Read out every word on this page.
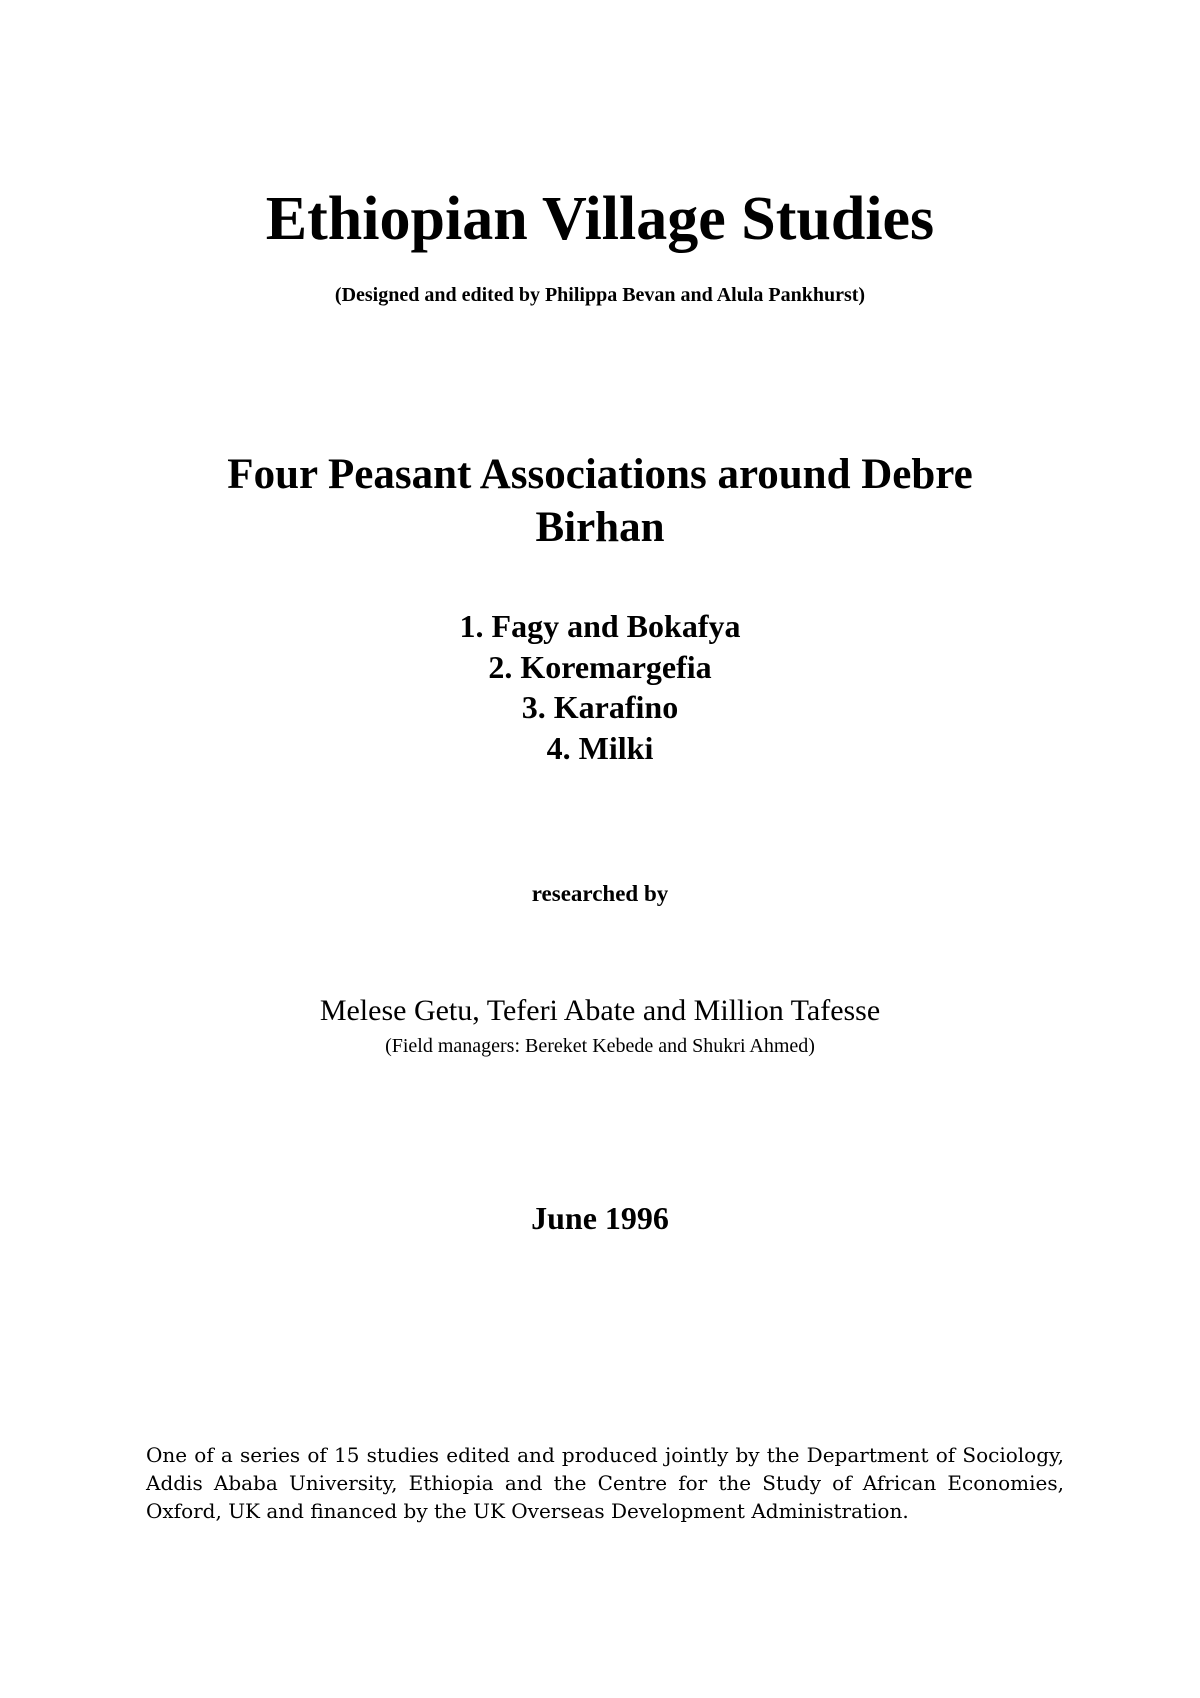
Ethiopian Village Studies
(Designed and edited by Philippa Bevan and Alula Pankhurst)
Four Peasant Associations around Debre Birhan
1. Fagy and Bokafya
2. Koremargefia
3. Karafino
4. Milki
researched by
Melese Getu, Teferi Abate and Million Tafesse
(Field managers: Bereket Kebede and Shukri Ahmed)
June 1996
One of a series of 15 studies edited and produced jointly by the Department of Sociology, Addis Ababa University, Ethiopia and the Centre for the Study of African Economies, Oxford, UK and financed by the UK Overseas Development Administration.
